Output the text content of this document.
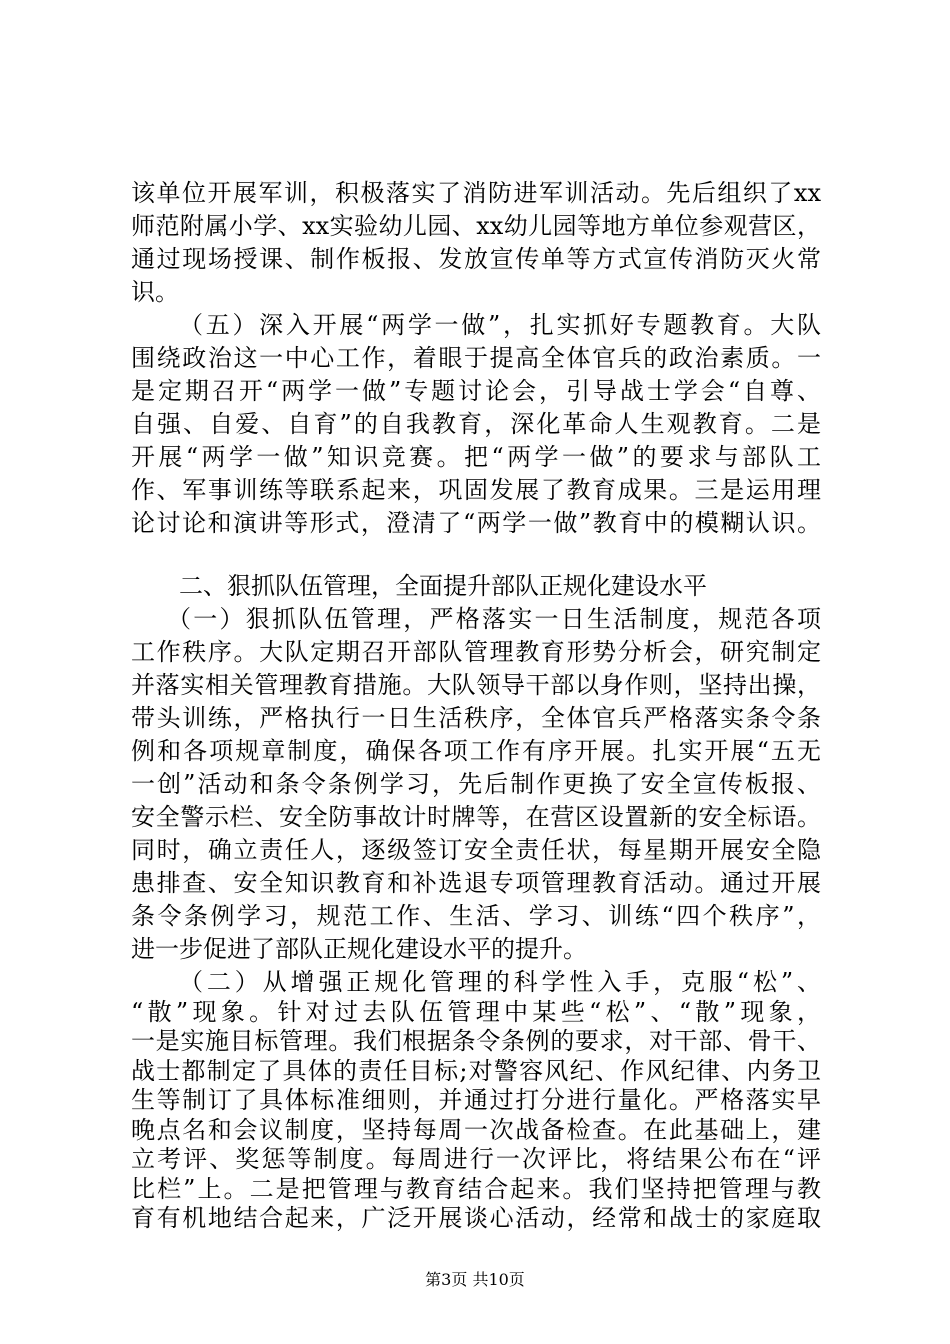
该单位开展军训，积极落实了消防进军训活动。先后组织了xx
师范附属小学、xx实验幼儿园、xx幼儿园等地方单位参观营区，
通过现场授课、制作板报、发放宣传单等方式宣传消防灭火常
识。
（五）深入开展“两学一做”，扎实抓好专题教育。大队
围绕政治这一中心工作，着眼于提高全体官兵的政治素质。一
是定期召开“两学一做”专题讨论会，引导战士学会“自尊、
自强、自爱、自育”的自我教育，深化革命人生观教育。二是
开展“两学一做”知识竞赛。把“两学一做”的要求与部队工
作、军事训练等联系起来，巩固发展了教育成果。三是运用理
论讨论和演讲等形式，澄清了“两学一做”教育中的模糊认识。
二、狠抓队伍管理，全面提升部队正规化建设水平
（一）狠抓队伍管理，严格落实一日生活制度，规范各项
工作秩序。大队定期召开部队管理教育形势分析会，研究制定
并落实相关管理教育措施。大队领导干部以身作则，坚持出操，
带头训练，严格执行一日生活秩序，全体官兵严格落实条令条
例和各项规章制度，确保各项工作有序开展。扎实开展“五无
一创”活动和条令条例学习，先后制作更换了安全宣传板报、
安全警示栏、安全防事故计时牌等，在营区设置新的安全标语。
同时，确立责任人，逐级签订安全责任状，每星期开展安全隐
患排查、安全知识教育和补选退专项管理教育活动。通过开展
条令条例学习，规范工作、生活、学习、训练“四个秩序”，
进一步促进了部队正规化建设水平的提升。
（二）从增强正规化管理的科学性入手，克服“松”、
“散”现象。针对过去队伍管理中某些“松”、“散”现象，
一是实施目标管理。我们根据条令条例的要求，对干部、骨干、
战士都制定了具体的责任目标;对警容风纪、作风纪律、内务卫
生等制订了具体标准细则，并通过打分进行量化。严格落实早
晚点名和会议制度，坚持每周一次战备检查。在此基础上，建
立考评、奖惩等制度。每周进行一次评比，将结果公布在“评
比栏”上。二是把管理与教育结合起来。我们坚持把管理与教
第3页 共10页
育有机地结合起来，广泛开展谈心活动，经常和战士的家庭取
